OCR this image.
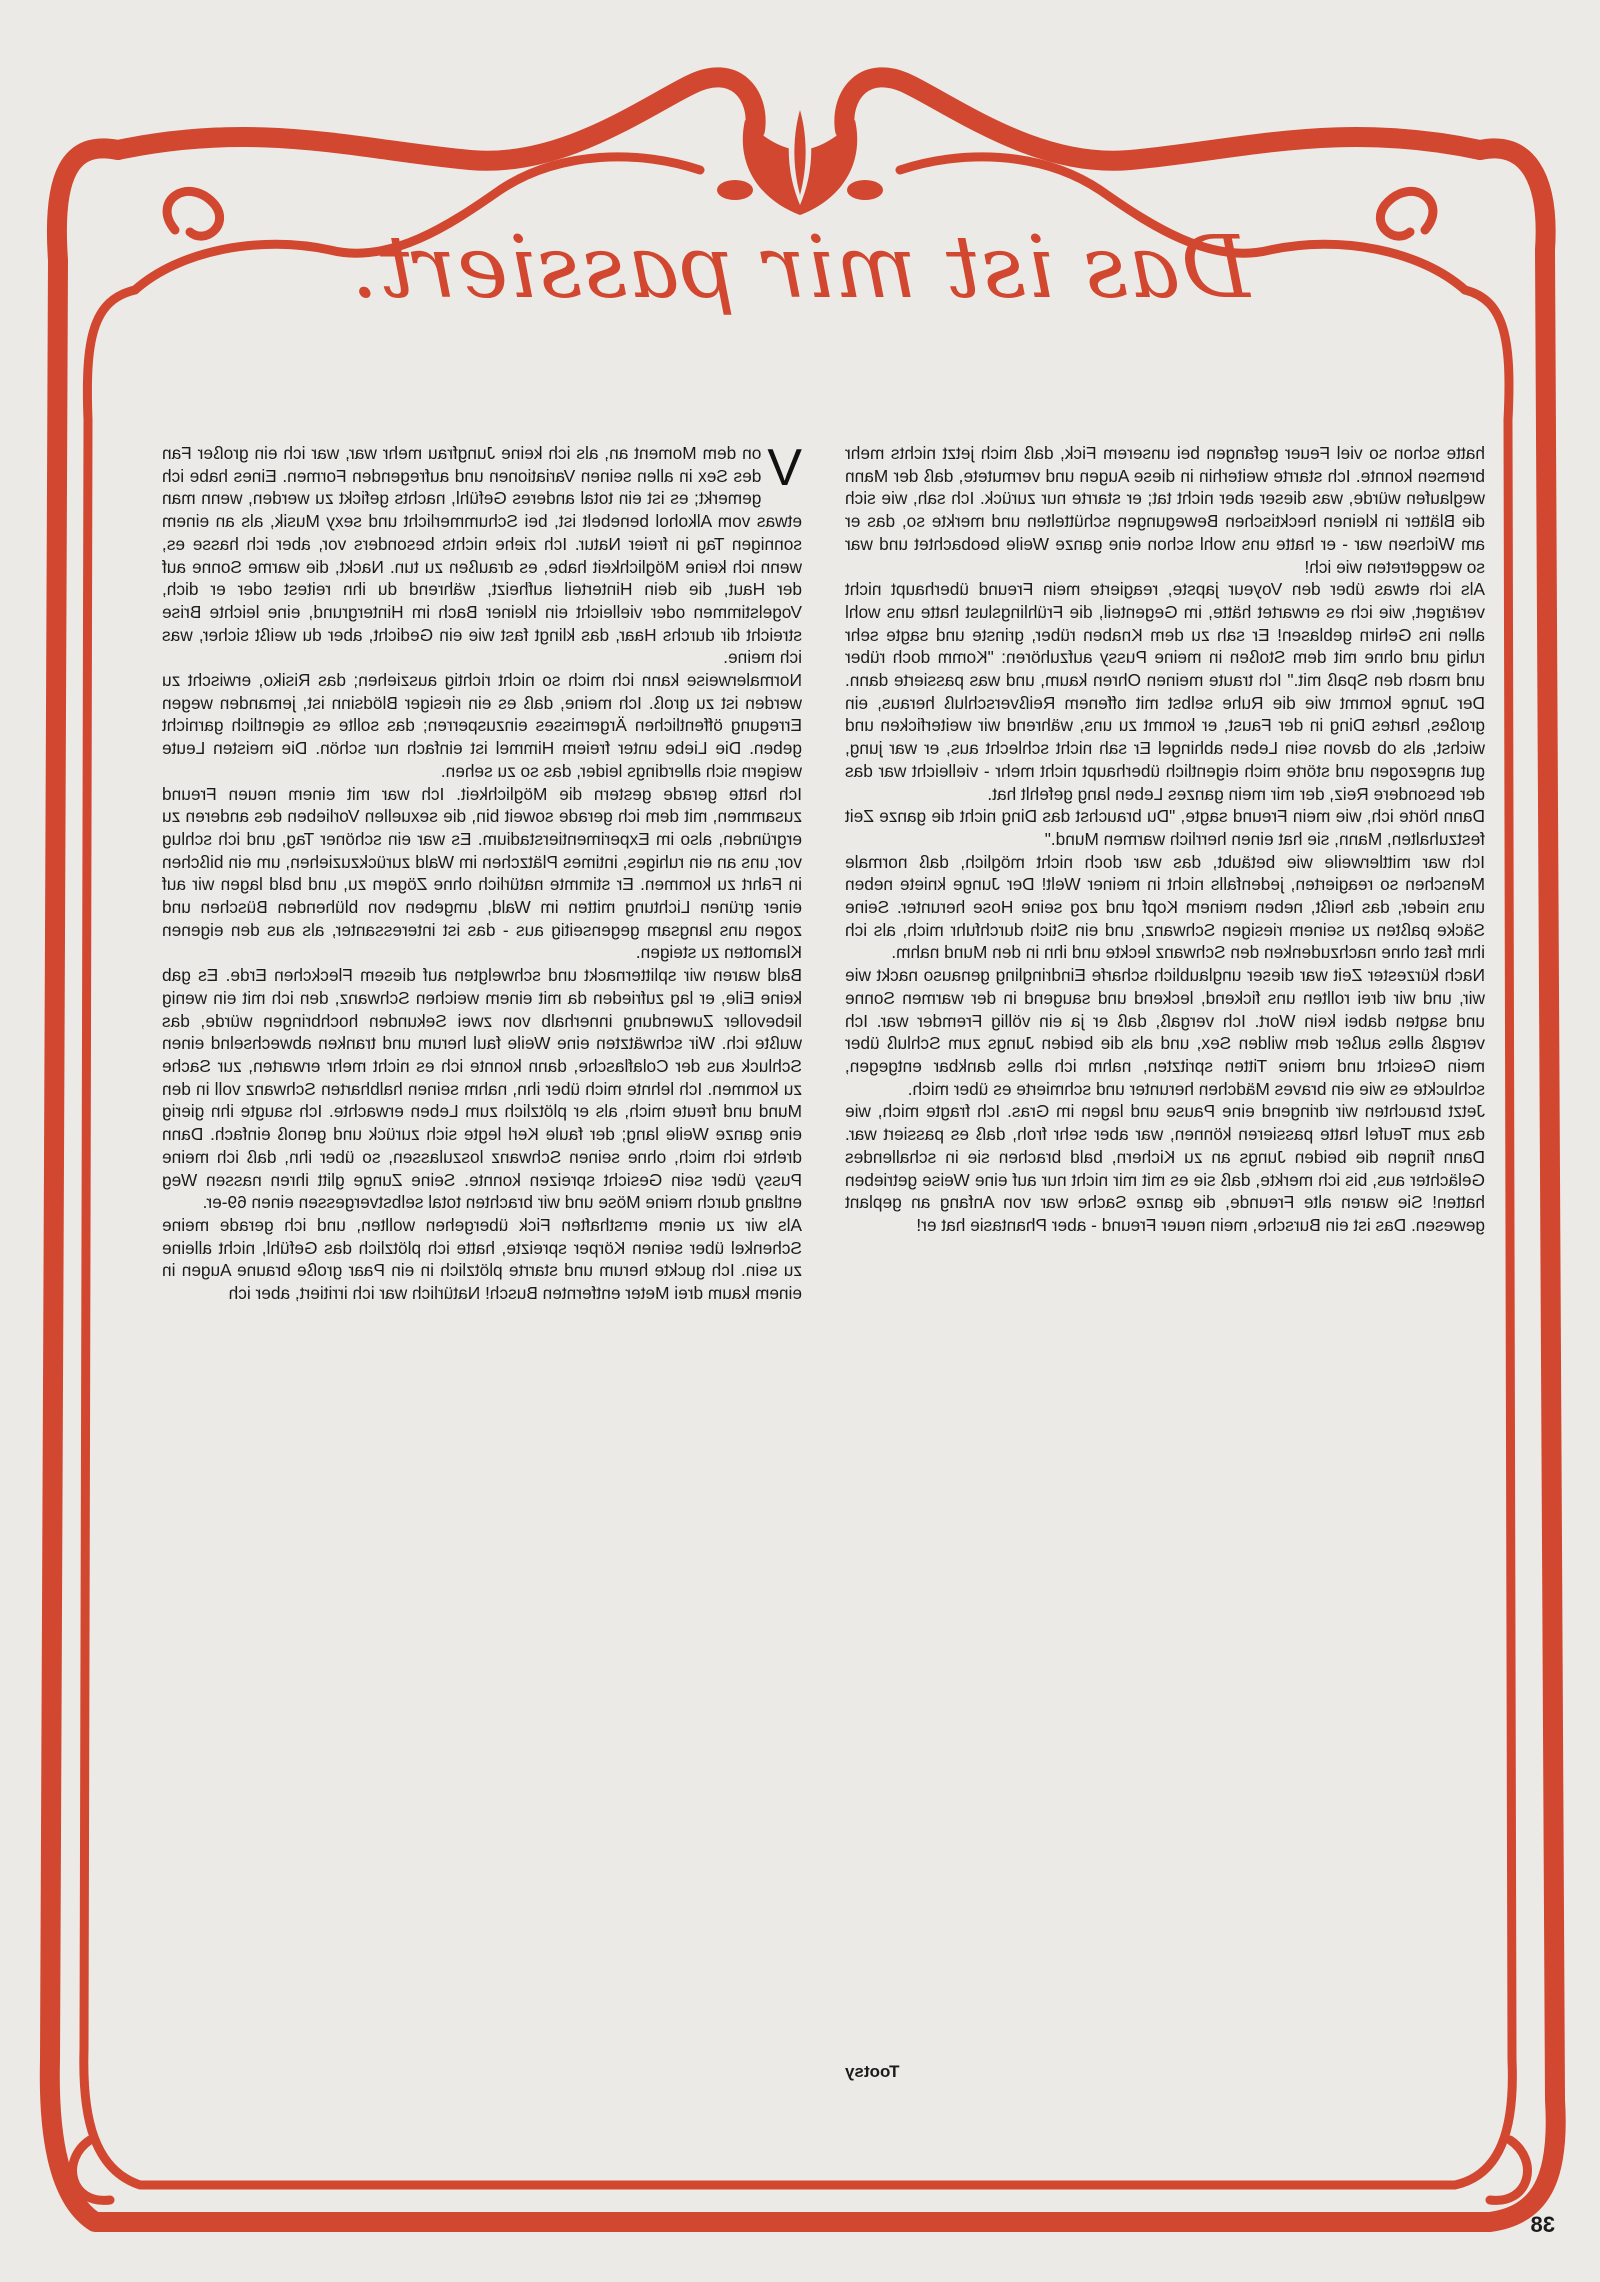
Das ist mir passiert.
V

on dem Moment an, als ich keine Jungfrau mehr war, war ich ein großer Fan des Sex in allen seinen Variationen und aufregenden Formen. Eines habe ich gemerkt; es ist ein total anderes Gefühl, nachts gefickt zu werden, wenn man etwas vom Alkohol benebelt ist, bei Schummerlicht und sexy Musik, als an einem sonnigen Tag in freier Natur. Ich ziehe nichts besonders vor, aber ich hasse es, wenn ich keine Möglichkeit habe, es draußen zu tun. Nackt, die warme Sonne auf der Haut, die dein Hinterteil aufheizt, während du ihn reitest oder er dich, Vogelstimmen oder vielleicht ein kleiner Bach im Hintergrund, eine leichte Brise streicht dir durchs Haar, das klingt fast wie ein Gedicht, aber du weißt sicher, was ich meine.

Normalerweise kann ich mich so nicht richtig ausziehen; das Risiko, erwischt zu werden ist zu groß. Ich meine, daß es ein riesiger Blödsinn ist, jemanden wegen Erregung öffentlichen Ärgernisses einzusperren; das sollte es eigentlich garnicht geben. Die Liebe unter freiem Himmel ist einfach nur schön. Die meisten Leute weigern sich allerdings leider, das so zu sehen.

Ich hatte gerade gestern die Möglichkeit. Ich war mit einem neuen Freund zusammen, mit dem ich gerade soweit bin, die sexuellen Vorlieben des anderen zu ergründen, also im Experimentierstadium. Es war ein schöner Tag, und ich schlug vor, uns an ein ruhiges, intimes Plätzchen im Wald zurückzuziehen, um ein bißchen in Fahrt zu kommen. Er stimmte natürlich ohne Zögern zu, und bald lagen wir auf einer grünen Lichtung mitten im Wald, umgeben von blühenden Büschen und zogen uns langsam gegenseitig aus - das ist interessanter, als aus den eigenen Klamotten zu steigen.

Bald waren wir splitternackt und schwelgten auf diesem Fleckchen Erde. Es gab keine Eile, er lag zufrieden da mit einem weichen Schwanz, den ich mit ein wenig liebevoller Zuwendung innerhalb von zwei Sekunden hochbringen würde, das wußte ich. Wir schwätzten eine Weile faul herum und tranken abwechselnd einen Schluck aus der Colaflasche, dann konnte ich es nicht mehr erwarten, zur Sache zu kommen. Ich lehnte mich über ihn, nahm seinen halbharten Schwanz voll in den Mund und freute mich, als er plötzlich zum Leben erwachte. Ich saugte ihn gierig eine ganze Weile lang; der faule Kerl legte sich zurück und genoß einfach. Dann drehte ich mich, ohne seinen Schwanz loszulassen, so über ihn, daß ich meine Pussy über sein Gesicht spreizen konnte. Seine Zunge glitt ihren nassen Weg entlang durch meine Möse und wir brachten total selbstvergessen einen 69-er.

Als wir zu einem ernsthaften Fick übergehen wollten, und ich gerade meine Schenkel über seinen Körper spreizte, hatte ich plötzlich das Gefühl, nicht alleine zu sein. Ich guckte herum und starrte plötzlich in ein Paar große braune Augen in einem kaum drei Meter entfernten Busch! Natürlich war ich irritiert, aber ich

hatte schon so viel Feuer gefangen bei unserem Fick, daß mich jetzt nichts mehr bremsen konnte. Ich starrte weiterhin in diese Augen und vermutete, daß der Mann weglaufen würde, was dieser aber nicht tat; er starrte nur zurück. Ich sah, wie sich die Blätter in kleinen hecktischen Bewegungen schüttelten und merkte so, das er am Wichsen war - er hatte uns wohl schon eine ganze Weile beobachtet und war so weggetreten wie ich!

Als ich etwas über den Voyeur japste, reagierte mein Freund überhaupt nicht verärgert, wie ich es erwartet hätte, im Gegenteil, die Frühlingslust hatte uns wohl allen ins Gehirn geblasen! Er sah zu dem Knaben rüber, grinste und sagte sehr ruhig und ohne mit dem Stoßen in meine Pussy aufzuhören: "Komm doch rüber und mach den Spaß mit." Ich traute meinen Ohren kaum, und was passierte dann. Der Junge kommt wie die Ruhe selbst mit offenem Reißverschluß heraus, ein großes, hartes Ding in der Faust, er kommt zu uns, während wir weiterficken und wichst, als ob davon sein Leben abhingel Er sah nicht schlecht aus, er war jung, gut angezogen und störte mich eigentlich überhaupt nicht mehr - vielleicht war das der besondere Reiz, der mir mein ganzes Leben lang gefehlt hat.

Dann hörte ich, wie mein Freund sagte, "Du brauchst das Ding nicht die ganze Zeit festzuhalten, Mann, sie hat einen herrlich warmen Mund."

Ich war mittlerweile wie betäubt, das war doch nicht möglich, daß normale Menschen so reagierten, jedenfalls nicht in meiner Welt! Der Junge kniete neben uns nieder, das heißt, neben meinem Kopf und zog seine Hose herunter. Seine Säcke paßten zu seinem riesigen Schwanz, und ein Stich durchfuhr mich, als ich ihm fast ohne nachzudenken den Schwanz leckte und ihn in den Mund nahm.

Nach kürzester Zeit war dieser unglaublich scharfe Eindringling genauso nackt wie wir, und wir drei rollten uns fickend, leckend und saugend in der warmen Sonne und sagten dabei kein Wort. Ich vergaß, daß er ja ein völlig Fremder war. Ich vergaß alles außer dem wilden Sex, und als die beiden Jungs zum Schluß über mein Gesicht und meine Titten spritzten, nahm ich alles dankbar entgegen, schluckte es wie ein braves Mädchen herunter und schmierte es über mich.

Jetzt brauchten wir dringend eine Pause und lagen im Gras. Ich fragte mich, wie das zum Teufel hatte passieren können, war aber sehr froh, daß es passiert war. Dann fingen die beiden Jungs an zu Kichern, bald brachen sie in schallendes Gelächter aus, bis ich merkte, daß sie es mit mir nicht nur auf eine Weise getrieben hatten! Sie waren alte Freunde, die ganze Sache war von Anfang an geplant gewesen. Das ist ein Bursche, mein neuer Freund - aber Phantasie hat er!

Tootsy
38
